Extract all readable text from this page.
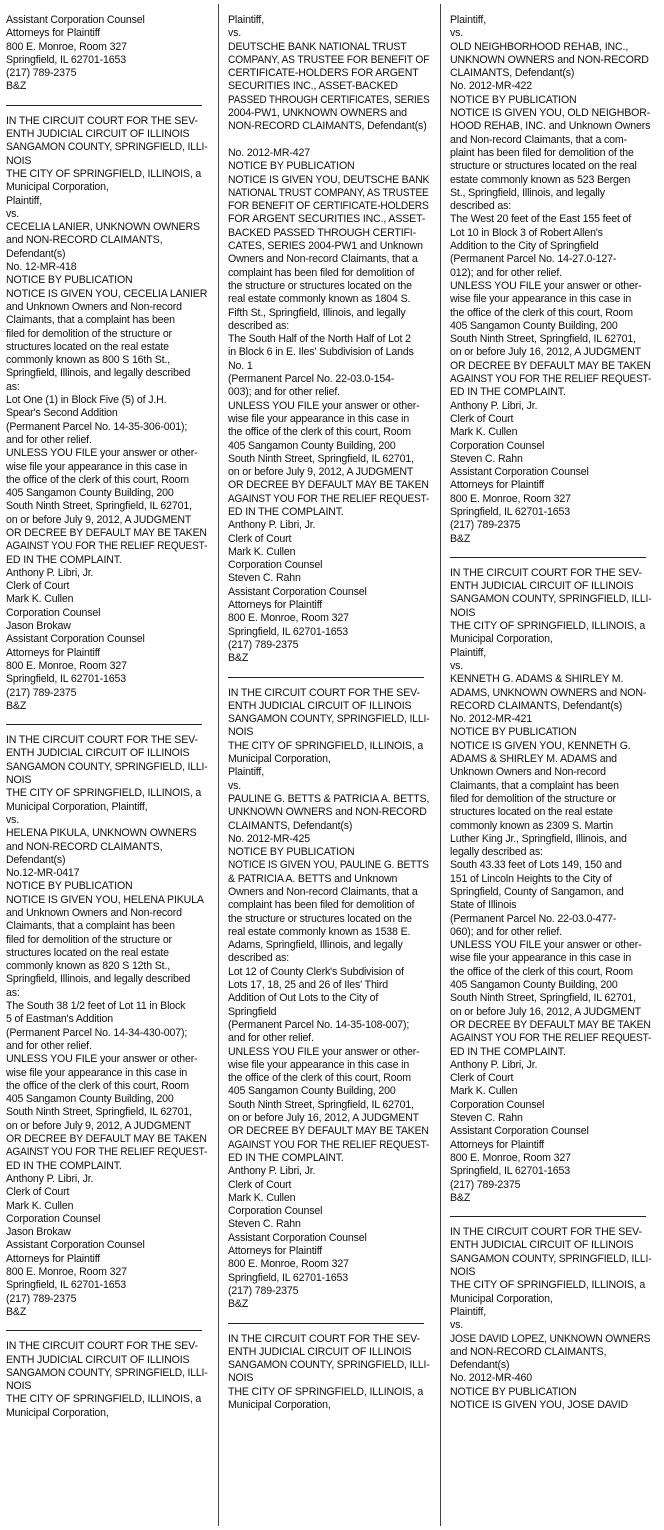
Assistant Corporation Counsel
Attorneys for Plaintiff
800 E. Monroe, Room 327
Springfield, IL 62701-1653
(217) 789-2375
B&Z
IN THE CIRCUIT COURT FOR THE SEV-
ENTH JUDICIAL CIRCUIT OF ILLINOIS
SANGAMON COUNTY, SPRINGFIELD, ILLI-
NOIS
THE CITY OF SPRINGFIELD, ILLINOIS, a
Municipal Corporation,
Plaintiff,
vs.
CECELIA LANIER, UNKNOWN OWNERS
and NON-RECORD CLAIMANTS,
Defendant(s)
No. 12-MR-418
NOTICE BY PUBLICATION
NOTICE IS GIVEN YOU, CECELIA LANIER
and Unknown Owners and Non-record
Claimants, that a complaint has been
filed for demolition of the structure or
structures located on the real estate
commonly known as 800 S 16th St.,
Springfield, Illinois, and legally described
as:
Lot One (1) in Block Five (5) of J.H.
Spear's Second Addition
(Permanent Parcel No. 14-35-306-001);
and for other relief.
UNLESS YOU FILE your answer or other-
wise file your appearance in this case in
the office of the clerk of this court, Room
405 Sangamon County Building, 200
South Ninth Street, Springfield, IL 62701,
on or before July 9, 2012, A JUDGMENT
OR DECREE BY DEFAULT MAY BE TAKEN
AGAINST YOU FOR THE RELIEF REQUEST-
ED IN THE COMPLAINT.
Anthony P. Libri, Jr.
Clerk of Court
Mark K. Cullen
Corporation Counsel
Jason Brokaw
Assistant Corporation Counsel
Attorneys for Plaintiff
800 E. Monroe, Room 327
Springfield, IL 62701-1653
(217) 789-2375
B&Z
IN THE CIRCUIT COURT FOR THE SEV-
ENTH JUDICIAL CIRCUIT OF ILLINOIS
SANGAMON COUNTY, SPRINGFIELD, ILLI-
NOIS
THE CITY OF SPRINGFIELD, ILLINOIS, a
Municipal Corporation, Plaintiff,
vs.
HELENA PIKULA, UNKNOWN OWNERS
and NON-RECORD CLAIMANTS,
Defendant(s)
No.12-MR-0417
NOTICE BY PUBLICATION
NOTICE IS GIVEN YOU, HELENA PIKULA
and Unknown Owners and Non-record
Claimants, that a complaint has been
filed for demolition of the structure or
structures located on the real estate
commonly known as 820 S 12th St.,
Springfield, Illinois, and legally described
as:
The South 38 1/2 feet of Lot 11 in Block
5 of Eastman's Addition
(Permanent Parcel No. 14-34-430-007);
and for other relief.
UNLESS YOU FILE your answer or other-
wise file your appearance in this case in
the office of the clerk of this court, Room
405 Sangamon County Building, 200
South Ninth Street, Springfield, IL 62701,
on or before July 9, 2012, A JUDGMENT
OR DECREE BY DEFAULT MAY BE TAKEN
AGAINST YOU FOR THE RELIEF REQUEST-
ED IN THE COMPLAINT.
Anthony P. Libri, Jr.
Clerk of Court
Mark K. Cullen
Corporation Counsel
Jason Brokaw
Assistant Corporation Counsel
Attorneys for Plaintiff
800 E. Monroe, Room 327
Springfield, IL 62701-1653
(217) 789-2375
B&Z
IN THE CIRCUIT COURT FOR THE SEV-
ENTH JUDICIAL CIRCUIT OF ILLINOIS
SANGAMON COUNTY, SPRINGFIELD, ILLI-
NOIS
THE CITY OF SPRINGFIELD, ILLINOIS, a
Municipal Corporation,
Plaintiff,
vs.
DEUTSCHE BANK NATIONAL TRUST
COMPANY, AS TRUSTEE FOR BENEFIT OF
CERTIFICATE-HOLDERS FOR ARGENT
SECURITIES INC., ASSET-BACKED
PASSED THROUGH CERTIFICATES, SERIES
2004-PW1, UNKNOWN OWNERS and
NON-RECORD CLAIMANTS, Defendant(s)
No. 2012-MR-427
NOTICE BY PUBLICATION
NOTICE IS GIVEN YOU, DEUTSCHE BANK
NATIONAL TRUST COMPANY, AS TRUSTEE
FOR BENEFIT OF CERTIFICATE-HOLDERS
FOR ARGENT SECURITIES INC., ASSET-
BACKED PASSED THROUGH CERTIFI-
CATES, SERIES 2004-PW1 and Unknown
Owners and Non-record Claimants, that a
complaint has been filed for demolition of
the structure or structures located on the
real estate commonly known as 1804 S.
Fifth St., Springfield, Illinois, and legally
described as:
The South Half of the North Half of Lot 2
in Block 6 in E. Iles' Subdivision of Lands
No. 1
(Permanent Parcel No. 22-03.0-154-
003); and for other relief.
UNLESS YOU FILE your answer or other-
wise file your appearance in this case in
the office of the clerk of this court, Room
405 Sangamon County Building, 200
South Ninth Street, Springfield, IL 62701,
on or before July 9, 2012, A JUDGMENT
OR DECREE BY DEFAULT MAY BE TAKEN
AGAINST YOU FOR THE RELIEF REQUEST-
ED IN THE COMPLAINT.
Anthony P. Libri, Jr.
Clerk of Court
Mark K. Cullen
Corporation Counsel
Steven C. Rahn
Assistant Corporation Counsel
Attorneys for Plaintiff
800 E. Monroe, Room 327
Springfield, IL 62701-1653
(217) 789-2375
B&Z
IN THE CIRCUIT COURT FOR THE SEV-
ENTH JUDICIAL CIRCUIT OF ILLINOIS
SANGAMON COUNTY, SPRINGFIELD, ILLI-
NOIS
THE CITY OF SPRINGFIELD, ILLINOIS, a
Municipal Corporation,
Plaintiff,
vs.
PAULINE G. BETTS & PATRICIA A. BETTS,
UNKNOWN OWNERS and NON-RECORD
CLAIMANTS, Defendant(s)
No. 2012-MR-425
NOTICE BY PUBLICATION
NOTICE IS GIVEN YOU, PAULINE G. BETTS
& PATRICIA A. BETTS and Unknown
Owners and Non-record Claimants, that a
complaint has been filed for demolition of
the structure or structures located on the
real estate commonly known as 1538 E.
Adams, Springfield, Illinois, and legally
described as:
Lot 12 of County Clerk's Subdivision of
Lots 17, 18, 25 and 26 of Iles' Third
Addition of Out Lots to the City of
Springfield
(Permanent Parcel No. 14-35-108-007);
and for other relief.
UNLESS YOU FILE your answer or other-
wise file your appearance in this case in
the office of the clerk of this court, Room
405 Sangamon County Building, 200
South Ninth Street, Springfield, IL 62701,
on or before July 16, 2012, A JUDGMENT
OR DECREE BY DEFAULT MAY BE TAKEN
AGAINST YOU FOR THE RELIEF REQUEST-
ED IN THE COMPLAINT.
Anthony P. Libri, Jr.
Clerk of Court
Mark K. Cullen
Corporation Counsel
Steven C. Rahn
Assistant Corporation Counsel
Attorneys for Plaintiff
800 E. Monroe, Room 327
Springfield, IL 62701-1653
(217) 789-2375
B&Z
IN THE CIRCUIT COURT FOR THE SEV-
ENTH JUDICIAL CIRCUIT OF ILLINOIS
SANGAMON COUNTY, SPRINGFIELD, ILLI-
NOIS
THE CITY OF SPRINGFIELD, ILLINOIS, a
Municipal Corporation,
Plaintiff,
vs.
OLD NEIGHBORHOOD REHAB, INC.,
UNKNOWN OWNERS and NON-RECORD
CLAIMANTS, Defendant(s)
No. 2012-MR-422
NOTICE BY PUBLICATION
NOTICE IS GIVEN YOU, OLD NEIGHBOR-
HOOD REHAB, INC. and Unknown Owners
and Non-record Claimants, that a com-
plaint has been filed for demolition of the
structure or structures located on the real
estate commonly known as 523 Bergen
St., Springfield, Illinois, and legally
described as:
The West 20 feet of the East 155 feet of
Lot 10 in Block 3 of Robert Allen's
Addition to the City of Springfield
(Permanent Parcel No. 14-27.0-127-
012); and for other relief.
UNLESS YOU FILE your answer or other-
wise file your appearance in this case in
the office of the clerk of this court, Room
405 Sangamon County Building, 200
South Ninth Street, Springfield, IL 62701,
on or before July 16, 2012, A JUDGMENT
OR DECREE BY DEFAULT MAY BE TAKEN
AGAINST YOU FOR THE RELIEF REQUEST-
ED IN THE COMPLAINT.
Anthony P. Libri, Jr.
Clerk of Court
Mark K. Cullen
Corporation Counsel
Steven C. Rahn
Assistant Corporation Counsel
Attorneys for Plaintiff
800 E. Monroe, Room 327
Springfield, IL 62701-1653
(217) 789-2375
B&Z
IN THE CIRCUIT COURT FOR THE SEV-
ENTH JUDICIAL CIRCUIT OF ILLINOIS
SANGAMON COUNTY, SPRINGFIELD, ILLI-
NOIS
THE CITY OF SPRINGFIELD, ILLINOIS, a
Municipal Corporation,
Plaintiff,
vs.
KENNETH G. ADAMS & SHIRLEY M.
ADAMS, UNKNOWN OWNERS and NON-
RECORD CLAIMANTS, Defendant(s)
No. 2012-MR-421
NOTICE BY PUBLICATION
NOTICE IS GIVEN YOU, KENNETH G.
ADAMS & SHIRLEY M. ADAMS and
Unknown Owners and Non-record
Claimants, that a complaint has been
filed for demolition of the structure or
structures located on the real estate
commonly known as 2309 S. Martin
Luther King Jr., Springfield, Illinois, and
legally described as:
South 43.33 feet of Lots 149, 150 and
151 of Lincoln Heights to the City of
Springfield, County of Sangamon, and
State of Illinois
(Permanent Parcel No. 22-03.0-477-
060); and for other relief.
UNLESS YOU FILE your answer or other-
wise file your appearance in this case in
the office of the clerk of this court, Room
405 Sangamon County Building, 200
South Ninth Street, Springfield, IL 62701,
on or before July 16, 2012, A JUDGMENT
OR DECREE BY DEFAULT MAY BE TAKEN
AGAINST YOU FOR THE RELIEF REQUEST-
ED IN THE COMPLAINT.
Anthony P. Libri, Jr.
Clerk of Court
Mark K. Cullen
Corporation Counsel
Steven C. Rahn
Assistant Corporation Counsel
Attorneys for Plaintiff
800 E. Monroe, Room 327
Springfield, IL 62701-1653
(217) 789-2375
B&Z
IN THE CIRCUIT COURT FOR THE SEV-
ENTH JUDICIAL CIRCUIT OF ILLINOIS
SANGAMON COUNTY, SPRINGFIELD, ILLI-
NOIS
THE CITY OF SPRINGFIELD, ILLINOIS, a
Municipal Corporation,
Plaintiff,
vs.
JOSE DAVID LOPEZ, UNKNOWN OWNERS
and NON-RECORD CLAIMANTS,
Defendant(s)
No. 2012-MR-460
NOTICE BY PUBLICATION
NOTICE IS GIVEN YOU, JOSE DAVID
